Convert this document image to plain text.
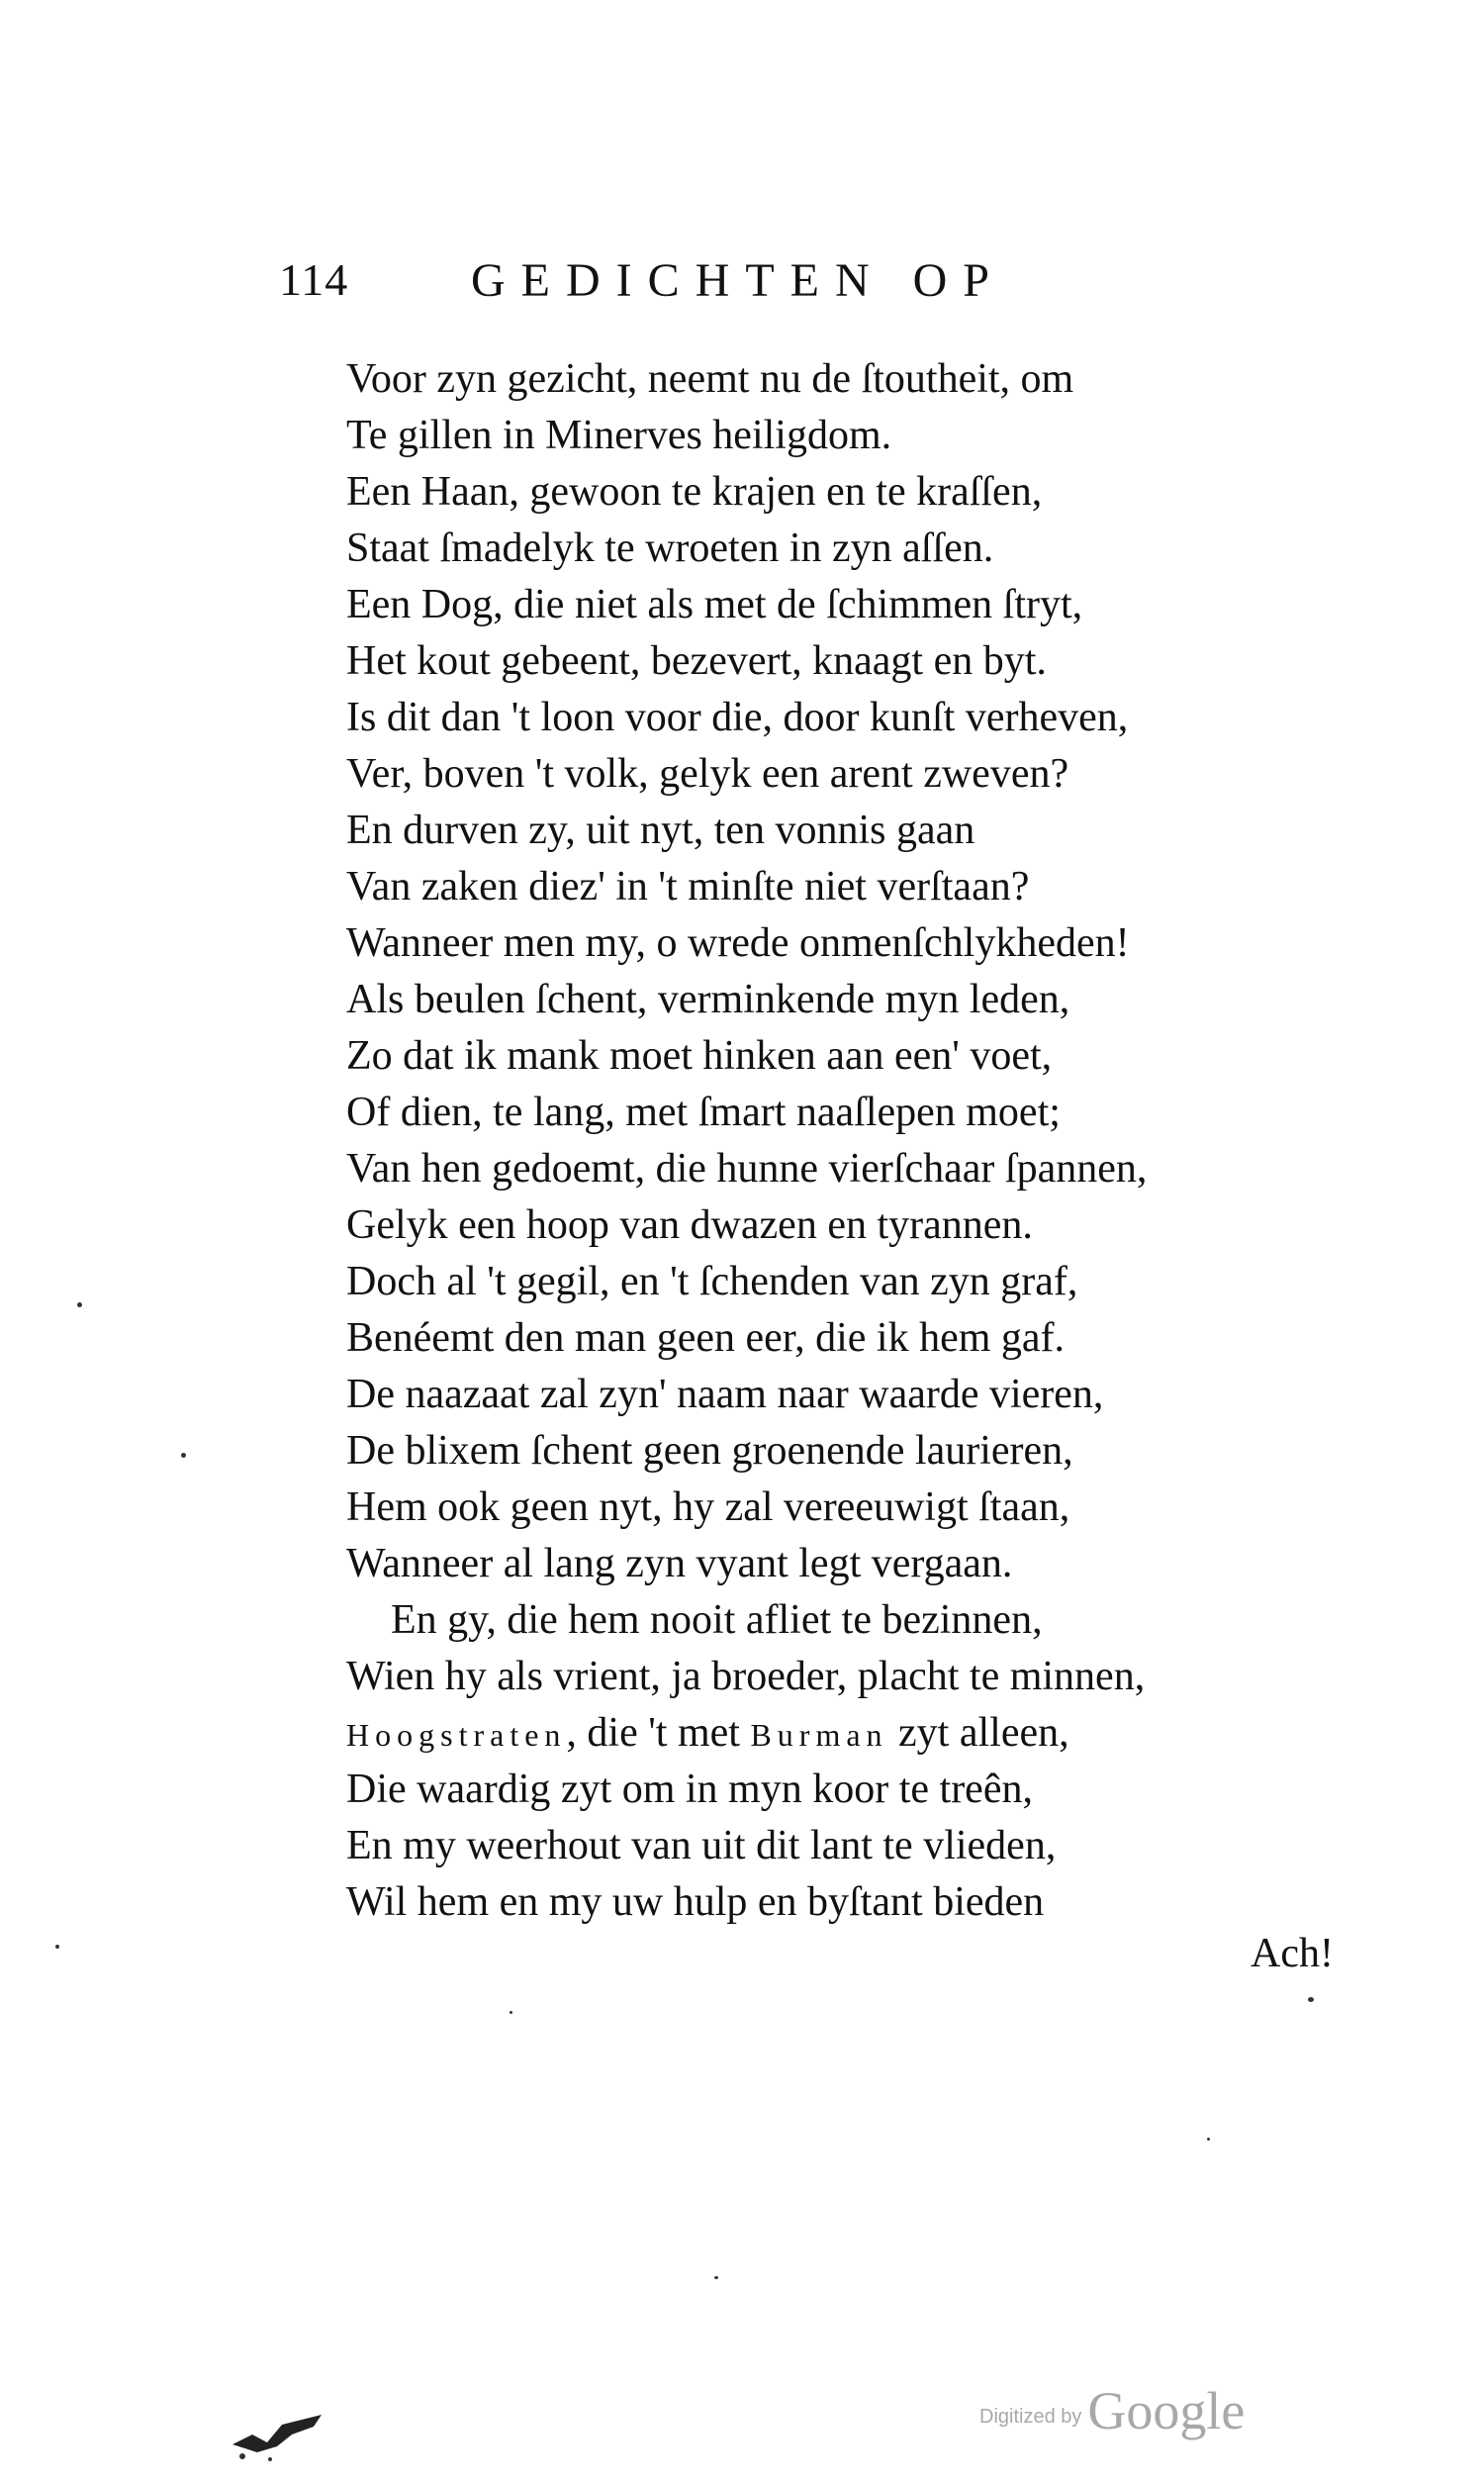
114	GEDICHTEN OP
Voor zyn gezicht, neemt nu de ſtoutheit, om
Te gillen in Minerves heiligdom.
Een Haan, gewoon te krajen en te kraſſen,
Staat ſmadelyk te wroeten in zyn aſſen.
Een Dog, die niet als met de ſchimmen ſtryt,
Het kout gebeent, bezevert, knaagt en byt.
Is dit dan 't loon voor die, door kunſt verheven,
Ver, boven 't volk, gelyk een arent zweven?
En durven zy, uit nyt, ten vonnis gaan
Van zaken diez' in 't minſte niet verſtaan?
Wanneer men my, o wrede onmenſchlykheden!
Als beulen ſchent, verminkende myn leden,
Zo dat ik mank moet hinken aan een' voet,
Of dien, te lang, met ſmart naaſlepen moet;
Van hen gedoemt, die hunne vierſchaar ſpannen,
Gelyk een hoop van dwazen en tyrannen.
Doch al 't gegil, en 't ſchenden van zyn graf,
Benéemt den man geen eer, die ik hem gaf.
De naazaat zal zyn' naam naar waarde vieren,
De blixem ſchent geen groenende laurieren,
Hem ook geen nyt, hy zal vereeuwigt ſtaan,
Wanneer al lang zyn vyant legt vergaan.
En gy, die hem nooit afliet te bezinnen,
Wien hy als vrient, ja broeder, placht te minnen,
Hoogstraten, die 't met Burman zyt alleen,
Die waardig zyt om in myn koor te treên,
En my weerhout van uit dit lant te vlieden,
Wil hem en my uw hulp en byſtant bieden
Ach!
Digitized by Google
